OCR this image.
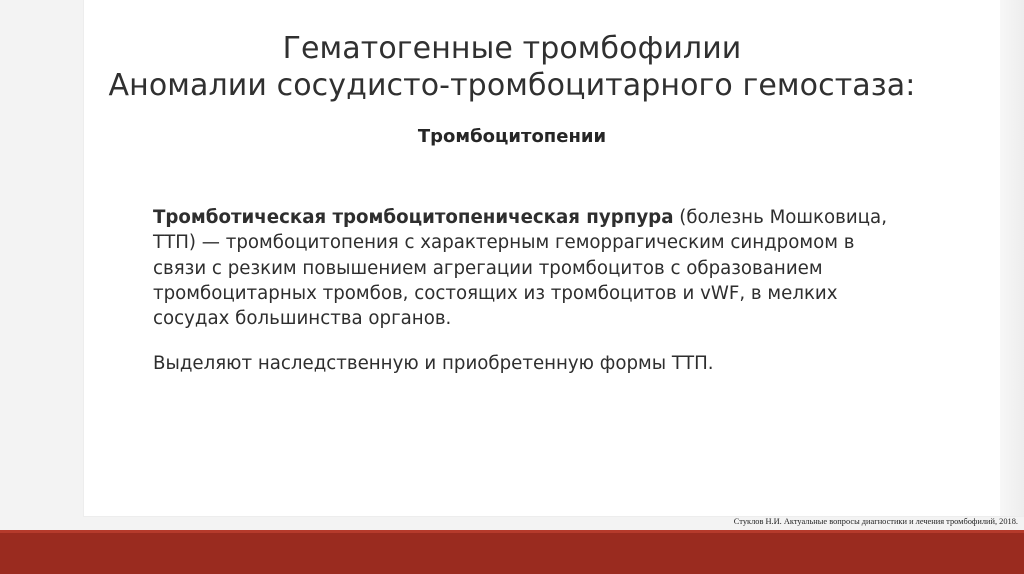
Гематогенные тромбофилии
Аномалии сосудисто-тромбоцитарного гемостаза:
Тромбоцитопении
Тромботическая тромбоцитопеническая пурпура (болезнь Мошковица,
ТТП) — тромбоцитопения с характерным геморрагическим синдромом в
связи с резким повышением агрегации тромбоцитов с образованием
тромбоцитарных тромбов, состоящих из тромбоцитов и vWF, в мелких
сосудах большинства органов.
Выделяют наследственную и приобретенную формы ТТП.
Стуклов Н.И. Актуальные вопросы диагностики и лечения тромбофилий, 2018.
